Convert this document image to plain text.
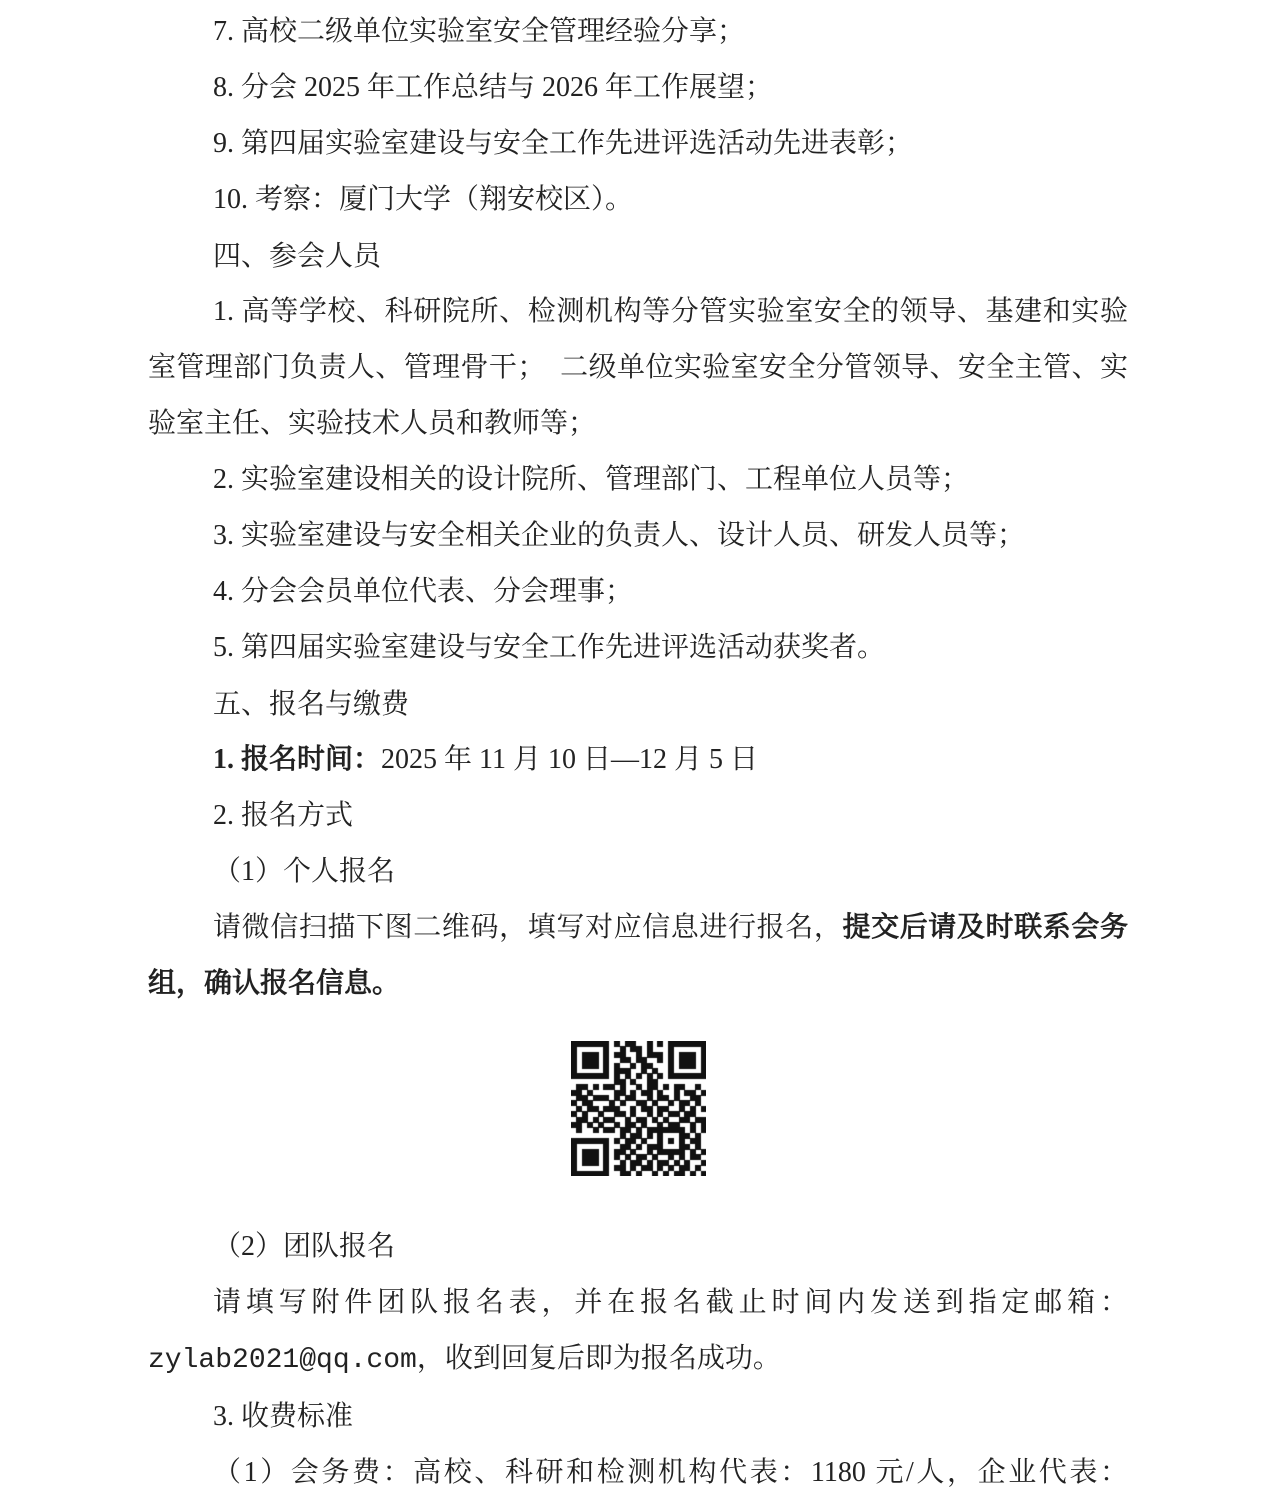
7. 高校二级单位实验室安全管理经验分享；

8. 分会 2025 年工作总结与 2026 年工作展望；

9. 第四届实验室建设与安全工作先进评选活动先进表彰；

10. 考察：厦门大学（翔安校区）。

四、参会人员

1. 高等学校、科研院所、检测机构等分管实验室安全的领导、基建和实验室管理部门负责人、管理骨干；　二级单位实验室安全分管领导、安全主管、实验室主任、实验技术人员和教师等；

2. 实验室建设相关的设计院所、管理部门、工程单位人员等；

3. 实验室建设与安全相关企业的负责人、设计人员、研发人员等；

4. 分会会员单位代表、分会理事；

5. 第四届实验室建设与安全工作先进评选活动获奖者。

五、报名与缴费

1. 报名时间：2025 年 11 月 10 日—12 月 5 日

2. 报名方式

（1）个人报名

请微信扫描下图二维码，填写对应信息进行报名，提交后请及时联系会务组，确认报名信息。

（2）团队报名

请填写附件团队报名表，并在报名截止时间内发送到指定邮箱：zylab2021@qq.com，收到回复后即为报名成功。

3. 收费标准

（1）会务费：高校、科研和检测机构代表：1180 元/人，企业代表：
